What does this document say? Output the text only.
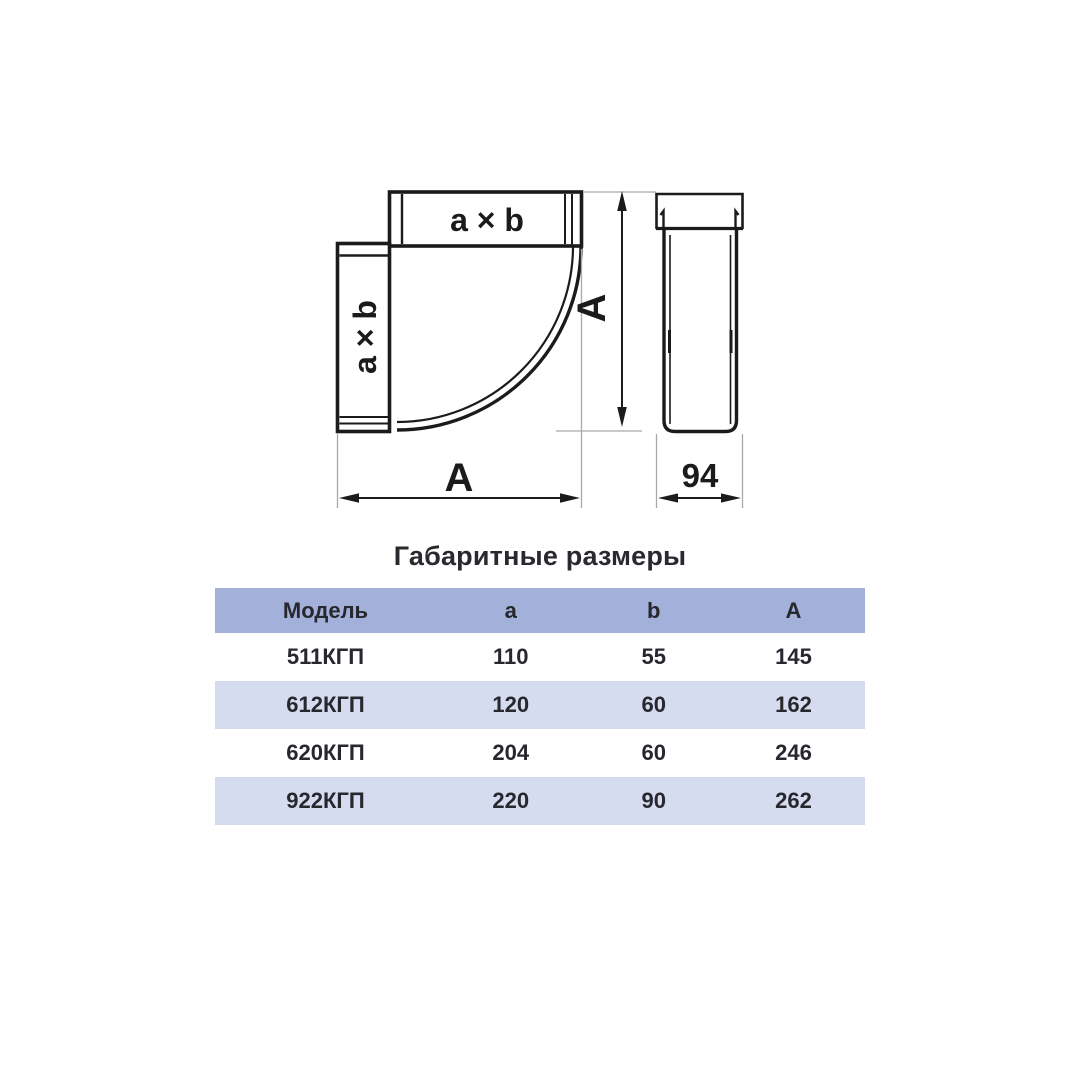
a × b
a × b
A
A
94
Габаритные размеры
Модель	a	b	A
511КГП	110	55	145
612КГП	120	60	162
620КГП	204	60	246
922КГП	220	90	262
